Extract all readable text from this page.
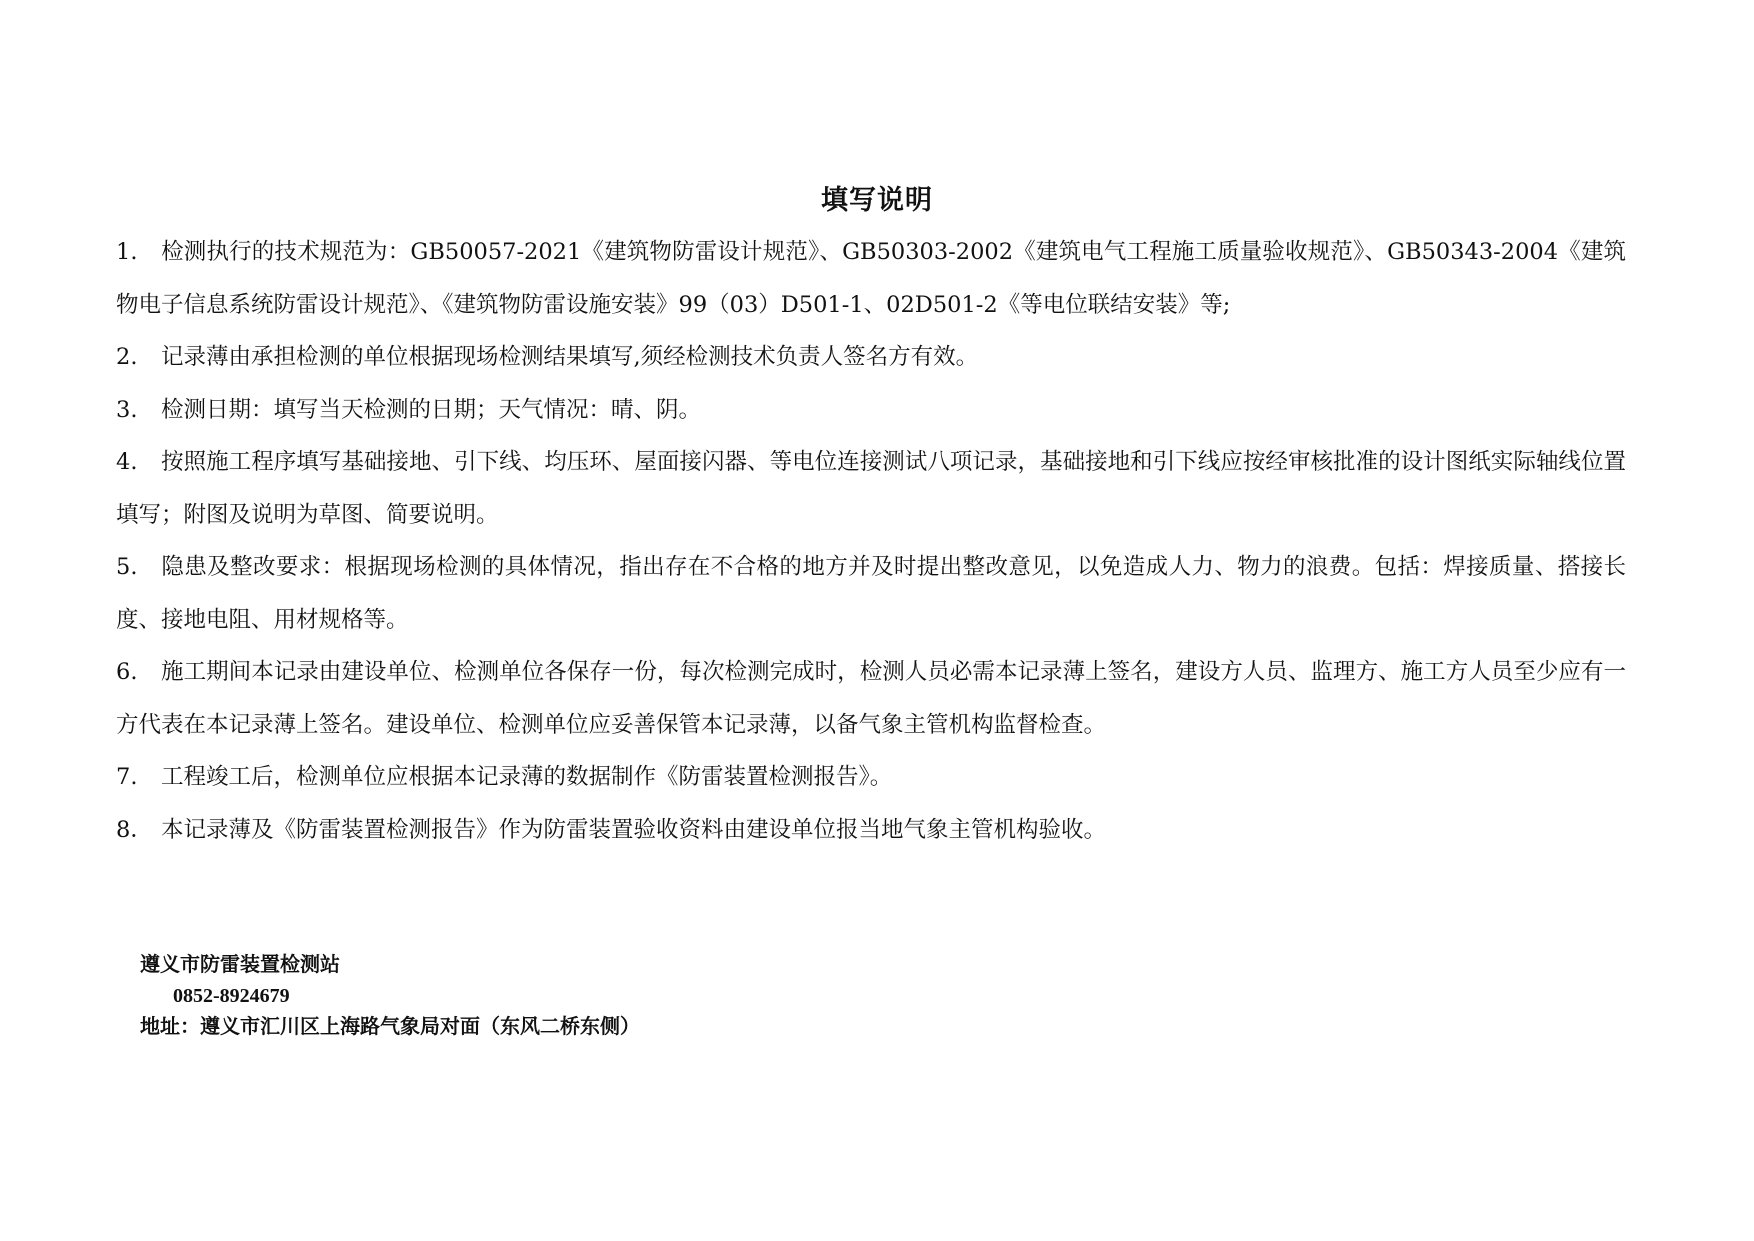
填写说明

1. 检测执行的技术规范为：GB50057-2021《建筑物防雷设计规范》、GB50303-2002《建筑电气工程施工质量验收规范》、GB50343-2004《建筑物电子信息系统防雷设计规范》、《建筑物防雷设施安装》99（03）D501-1、02D501-2《等电位联结安装》等;

2. 记录薄由承担检测的单位根据现场检测结果填写,须经检测技术负责人签名方有效。

3. 检测日期：填写当天检测的日期；天气情况：晴、阴。

4. 按照施工程序填写基础接地、引下线、均压环、屋面接闪器、等电位连接测试八项记录，基础接地和引下线应按经审核批准的设计图纸实际轴线位置填写；附图及说明为草图、简要说明。

5. 隐患及整改要求：根据现场检测的具体情况，指出存在不合格的地方并及时提出整改意见，以免造成人力、物力的浪费。包括：焊接质量、搭接长度、接地电阻、用材规格等。

6. 施工期间本记录由建设单位、检测单位各保存一份，每次检测完成时，检测人员必需本记录薄上签名，建设方人员、监理方、施工方人员至少应有一方代表在本记录薄上签名。建设单位、检测单位应妥善保管本记录薄，以备气象主管机构监督检查。

7. 工程竣工后，检测单位应根据本记录薄的数据制作《防雷装置检测报告》。

8． 本记录薄及《防雷装置检测报告》作为防雷装置验收资料由建设单位报当地气象主管机构验收。

遵义市防雷装置检测站
0852-8924679
地址：遵义市汇川区上海路气象局对面（东风二桥东侧）
